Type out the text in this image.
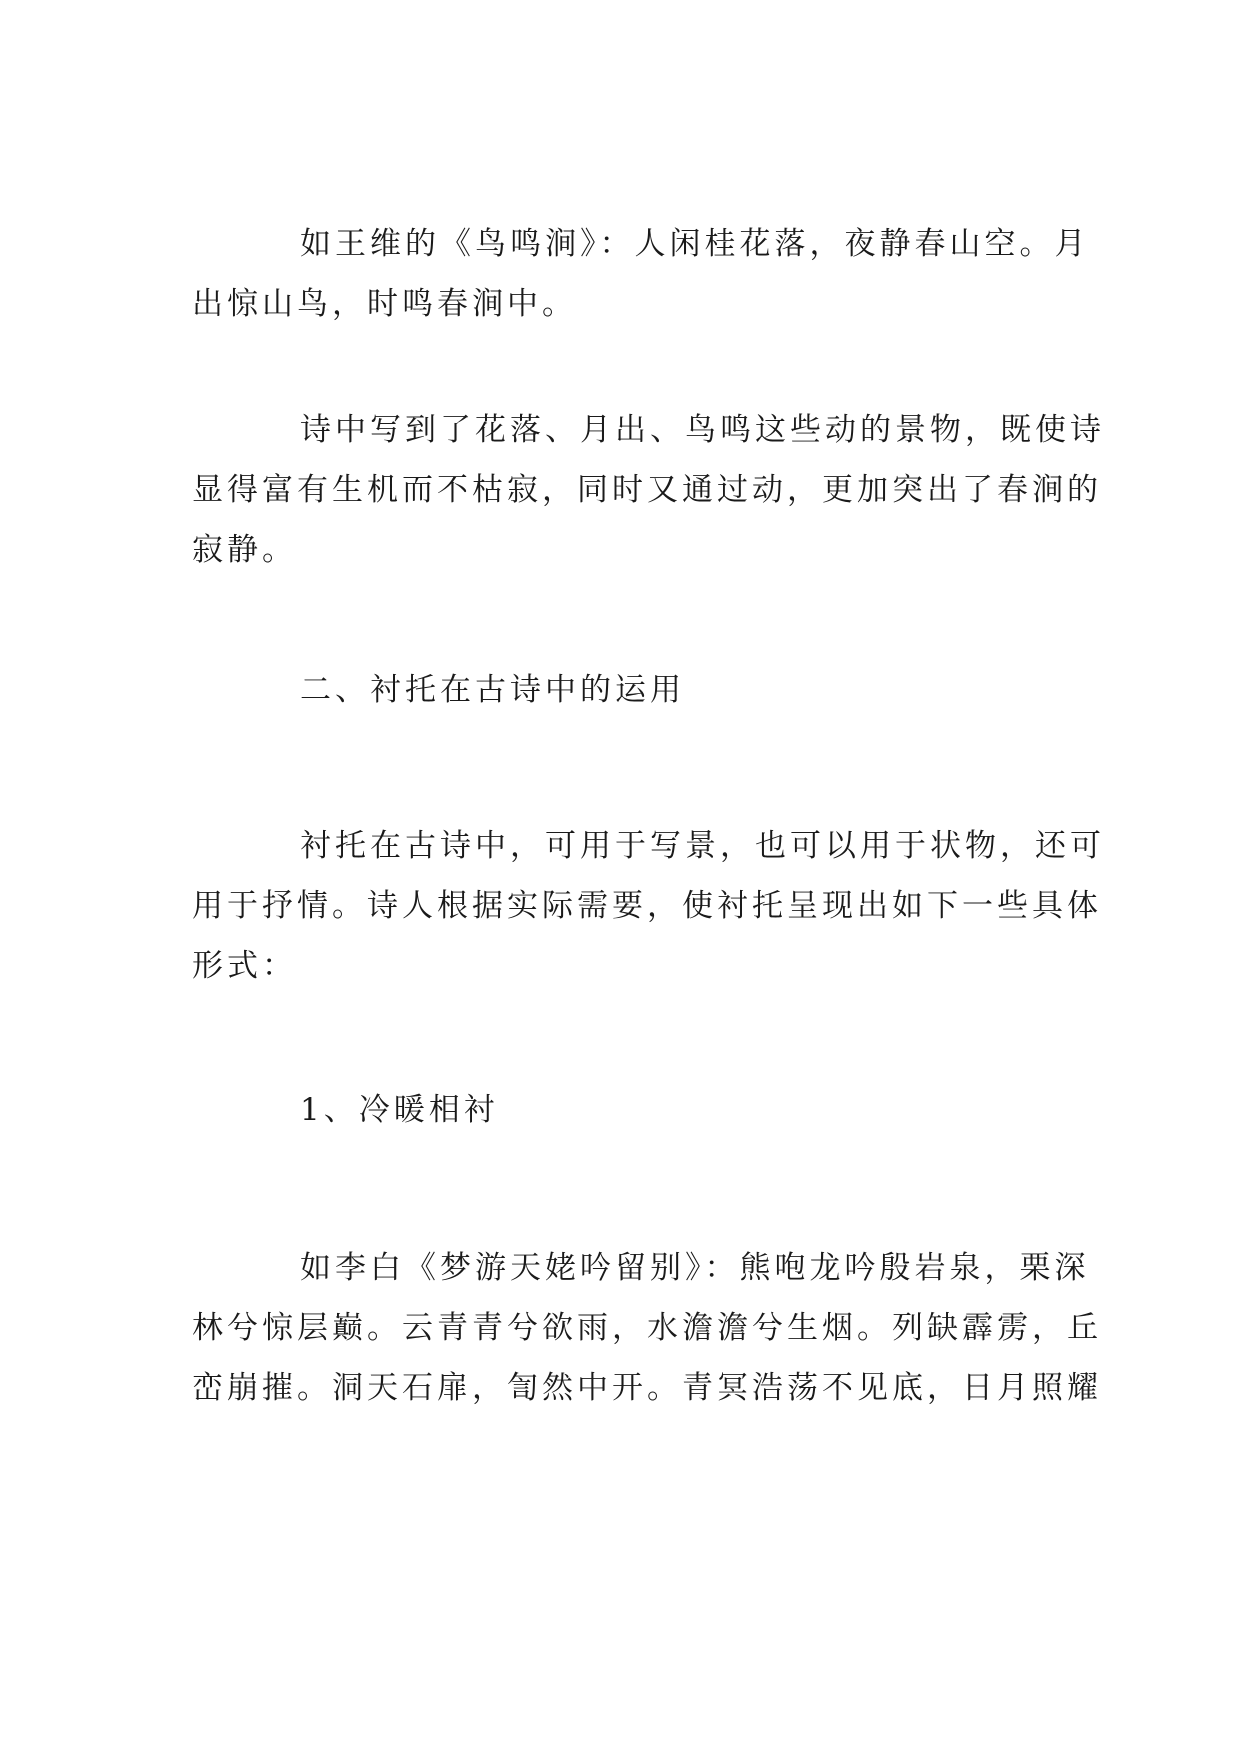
如王维的《鸟鸣涧》：人闲桂花落，夜静春山空。月
出惊山鸟，时鸣春涧中。
诗中写到了花落、月出、鸟鸣这些动的景物，既使诗
显得富有生机而不枯寂，同时又通过动，更加突出了春涧的
寂静。
二、衬托在古诗中的运用
衬托在古诗中，可用于写景，也可以用于状物，还可
用于抒情。诗人根据实际需要，使衬托呈现出如下一些具体
形式：
1、冷暖相衬
如李白《梦游天姥吟留别》：熊咆龙吟殷岩泉，栗深
林兮惊层巅。云青青兮欲雨，水澹澹兮生烟。列缺霹雳，丘
峦崩摧。洞天石扉，訇然中开。青冥浩荡不见底，日月照耀
